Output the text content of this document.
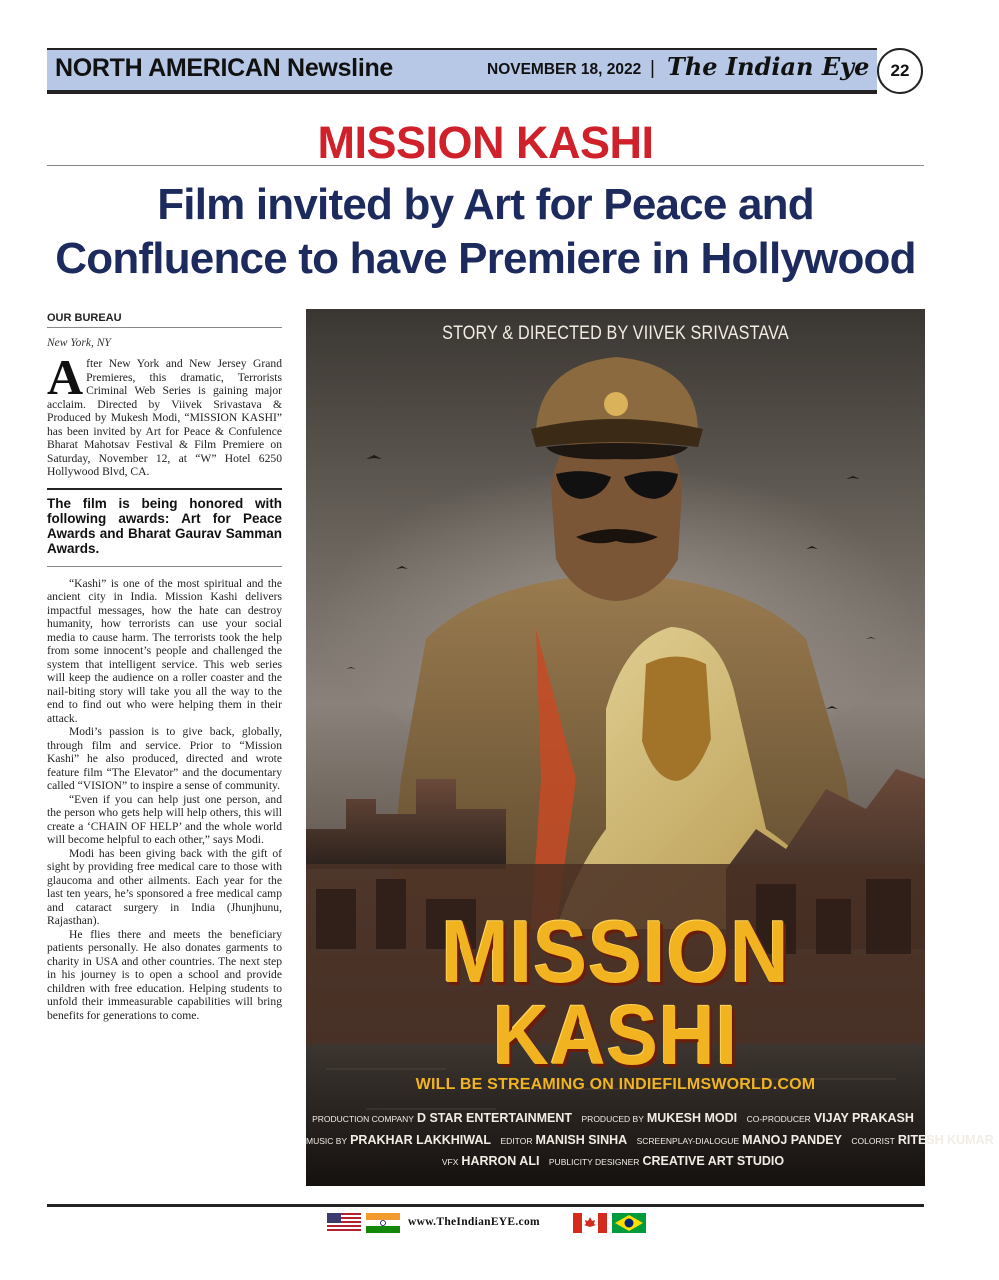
NORTH AMERICAN Newsline	NOVEMBER 18, 2022 | The Indian Eye	22
MISSION KASHI
Film invited by Art for Peace and
Confluence to have Premiere in Hollywood
OUR BUREAU
New York, NY

After New York and New Jersey Grand Premieres, this dramatic, Terrorists Criminal Web Series is gaining major acclaim. Directed by Viivek Srivastava & Produced by Mukesh Modi, “MISSION KASHI” has been invited by Art for Peace & Confulence Bharat Mahotsav Festival & Film Premiere on Saturday, November 12, at “W” Hotel 6250 Hollywood Blvd, CA.

The film is being honored with following awards: Art for Peace Awards and Bharat Gaurav Samman Awards.

“Kashi” is one of the most spiritual and the ancient city in India. Mission Kashi delivers impactful messages, how the hate can destroy humanity, how terrorists can use your social media to cause harm. The terrorists took the help from some innocent’s people and challenged the system that intelligent service. This web series will keep the audience on a roller coaster and the nail-biting story will take you all the way to the end to find out who were helping them in their attack.

Modi’s passion is to give back, globally, through film and service. Prior to “Mission Kashi” he also produced, directed and wrote feature film “The Elevator” and the documentary called “VISION” to inspire a sense of community.

“Even if you can help just one person, and the person who gets help will help others, this will create a ‘CHAIN OF HELP’ and the whole world will become helpful to each other,” says Modi.

Modi has been giving back with the gift of sight by providing free medical care to those with glaucoma and other ailments. Each year for the last ten years, he’s sponsored a free medical camp and cataract surgery in India (Jhunjhunu, Rajasthan).

He flies there and meets the beneficiary patients personally. He also donates garments to charity in USA and other countries. The next step in his journey is to open a school and provide children with free education. Helping students to unfold their immeasurable capabilities will bring benefits for generations to come.

STORY & DIRECTED BY VIIVEK SRIVASTAVA
MISSION
KASHI
WILL BE STREAMING ON INDIEFILMSWORLD.COM
PRODUCTION COMPANY D STAR ENTERTAINMENT PRODUCED BY MUKESH MODI CO-PRODUCER VIJAY PRAKASH
MUSIC BY PRAKHAR LAKKHIWAL EDITOR MANISH SINHA SCREENPLAY-DIALOGUE MANOJ PANDEY COLORIST RITESH KUMAR
VFX HARRON ALI PUBLICITY DESIGNER CREATIVE ART STUDIO
www.TheIndianEYE.com
